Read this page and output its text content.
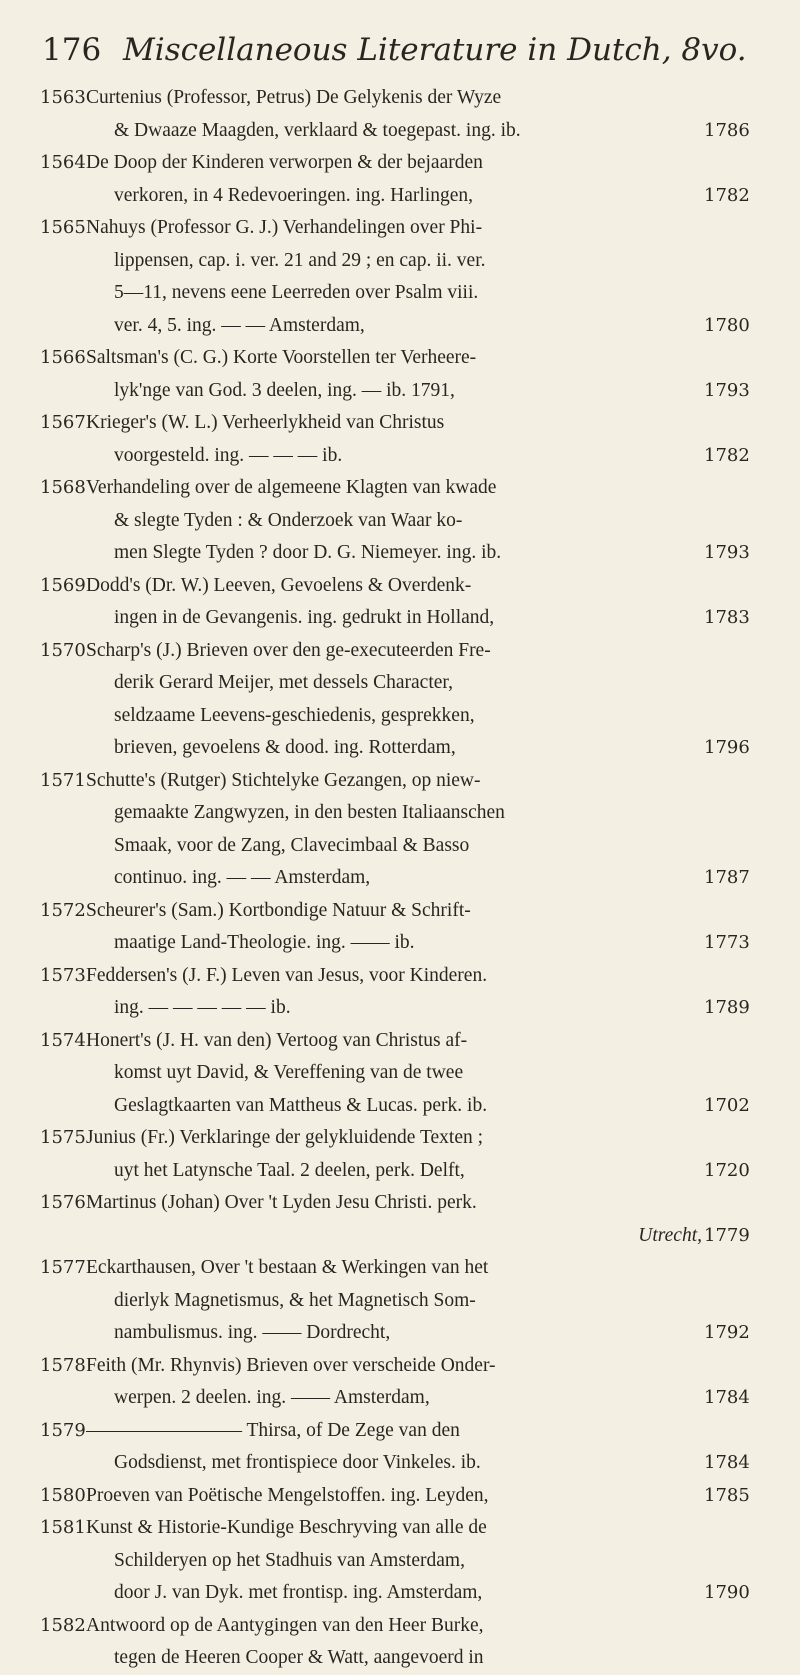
176 Miscellaneous Literature in Dutch, 8vo.
1563 Curtenius (Professor, Petrus) De Gelykenis der Wyze
& Dwaaze Maagden, verklaard & toegepast. ing. ib.	1786
1564 De Doop der Kinderen verworpen & der bejaarden
verkoren, in 4 Redevoeringen. ing. Harlingen,	1782
1565 Nahuys (Professor G. J.) Verhandelingen over Phi-
lippensen, cap. i. ver. 21 and 29 ; en cap. ii. ver.
5—11, nevens eene Leerreden over Psalm viii.
ver. 4, 5. ing. — — Amsterdam,	1780
1566 Saltsman's (C. G.) Korte Voorstellen ter Verheere-
lyk'nge van God. 3 deelen, ing. — ib. 1791,	1793
1567 Krieger's (W. L.) Verheerlykheid van Christus
voorgesteld. ing. — — — ib.	1782
1568 Verhandeling over de algemeene Klagten van kwade
& slegte Tyden : & Onderzoek van Waar ko-
men Slegte Tyden ? door D. G. Niemeyer. ing. ib.	1793
1569 Dodd's (Dr. W.) Leeven, Gevoelens & Overdenk-
ingen in de Gevangenis. ing. gedrukt in Holland,	1783
1570 Scharp's (J.) Brieven over den ge-executeerden Fre-
derik Gerard Meijer, met dessels Character,
seldzaame Leevens-geschiedenis, gesprekken,
brieven, gevoelens & dood. ing. Rotterdam,	1796
1571 Schutte's (Rutger) Stichtelyke Gezangen, op niew-
gemaakte Zangwyzen, in den besten Italiaanschen
Smaak, voor de Zang, Clavecimbaal & Basso
continuo. ing. — — Amsterdam,	1787
1572 Scheurer's (Sam.) Kortbondige Natuur & Schrift-
maatige Land-Theologie. ing. —— ib.	1773
1573 Feddersen's (J. F.) Leven van Jesus, voor Kinderen.
ing. — — — — — ib.	1789
1574 Honert's (J. H. van den) Vertoog van Christus af-
komst uyt David, & Vereffening van de twee
Geslagtkaarten van Mattheus & Lucas. perk. ib.	1702
1575 Junius (Fr.) Verklaringe der gelykluidende Texten ;
uyt het Latynsche Taal. 2 deelen, perk. Delft,	1720
1576 Martinus (Johan) Over 't Lyden Jesu Christi. perk.
Utrecht, 1779
1577 Eckarthausen, Over 't bestaan & Werkingen van het
dierlyk Magnetismus, & het Magnetisch Som-
nambulismus. ing. —— Dordrecht,	1792
1578 Feith (Mr. Rhynvis) Brieven over verscheide Onder-
werpen. 2 deelen. ing. —— Amsterdam,	1784
1579 ———————— Thirsa, of De Zege van den
Godsdienst, met frontispiece door Vinkeles. ib.	1784
1580 Proeven van Poëtische Mengelstoffen. ing. Leyden,	1785
1581 Kunst & Historie-Kundige Beschryving van alle de
Schilderyen op het Stadhuis van Amsterdam,
door J. van Dyk. met frontisp. ing. Amsterdam,	1790
1582 Antwoord op de Aantygingen van den Heer Burke,
tegen de Heeren Cooper & Watt, aangevoerd in
